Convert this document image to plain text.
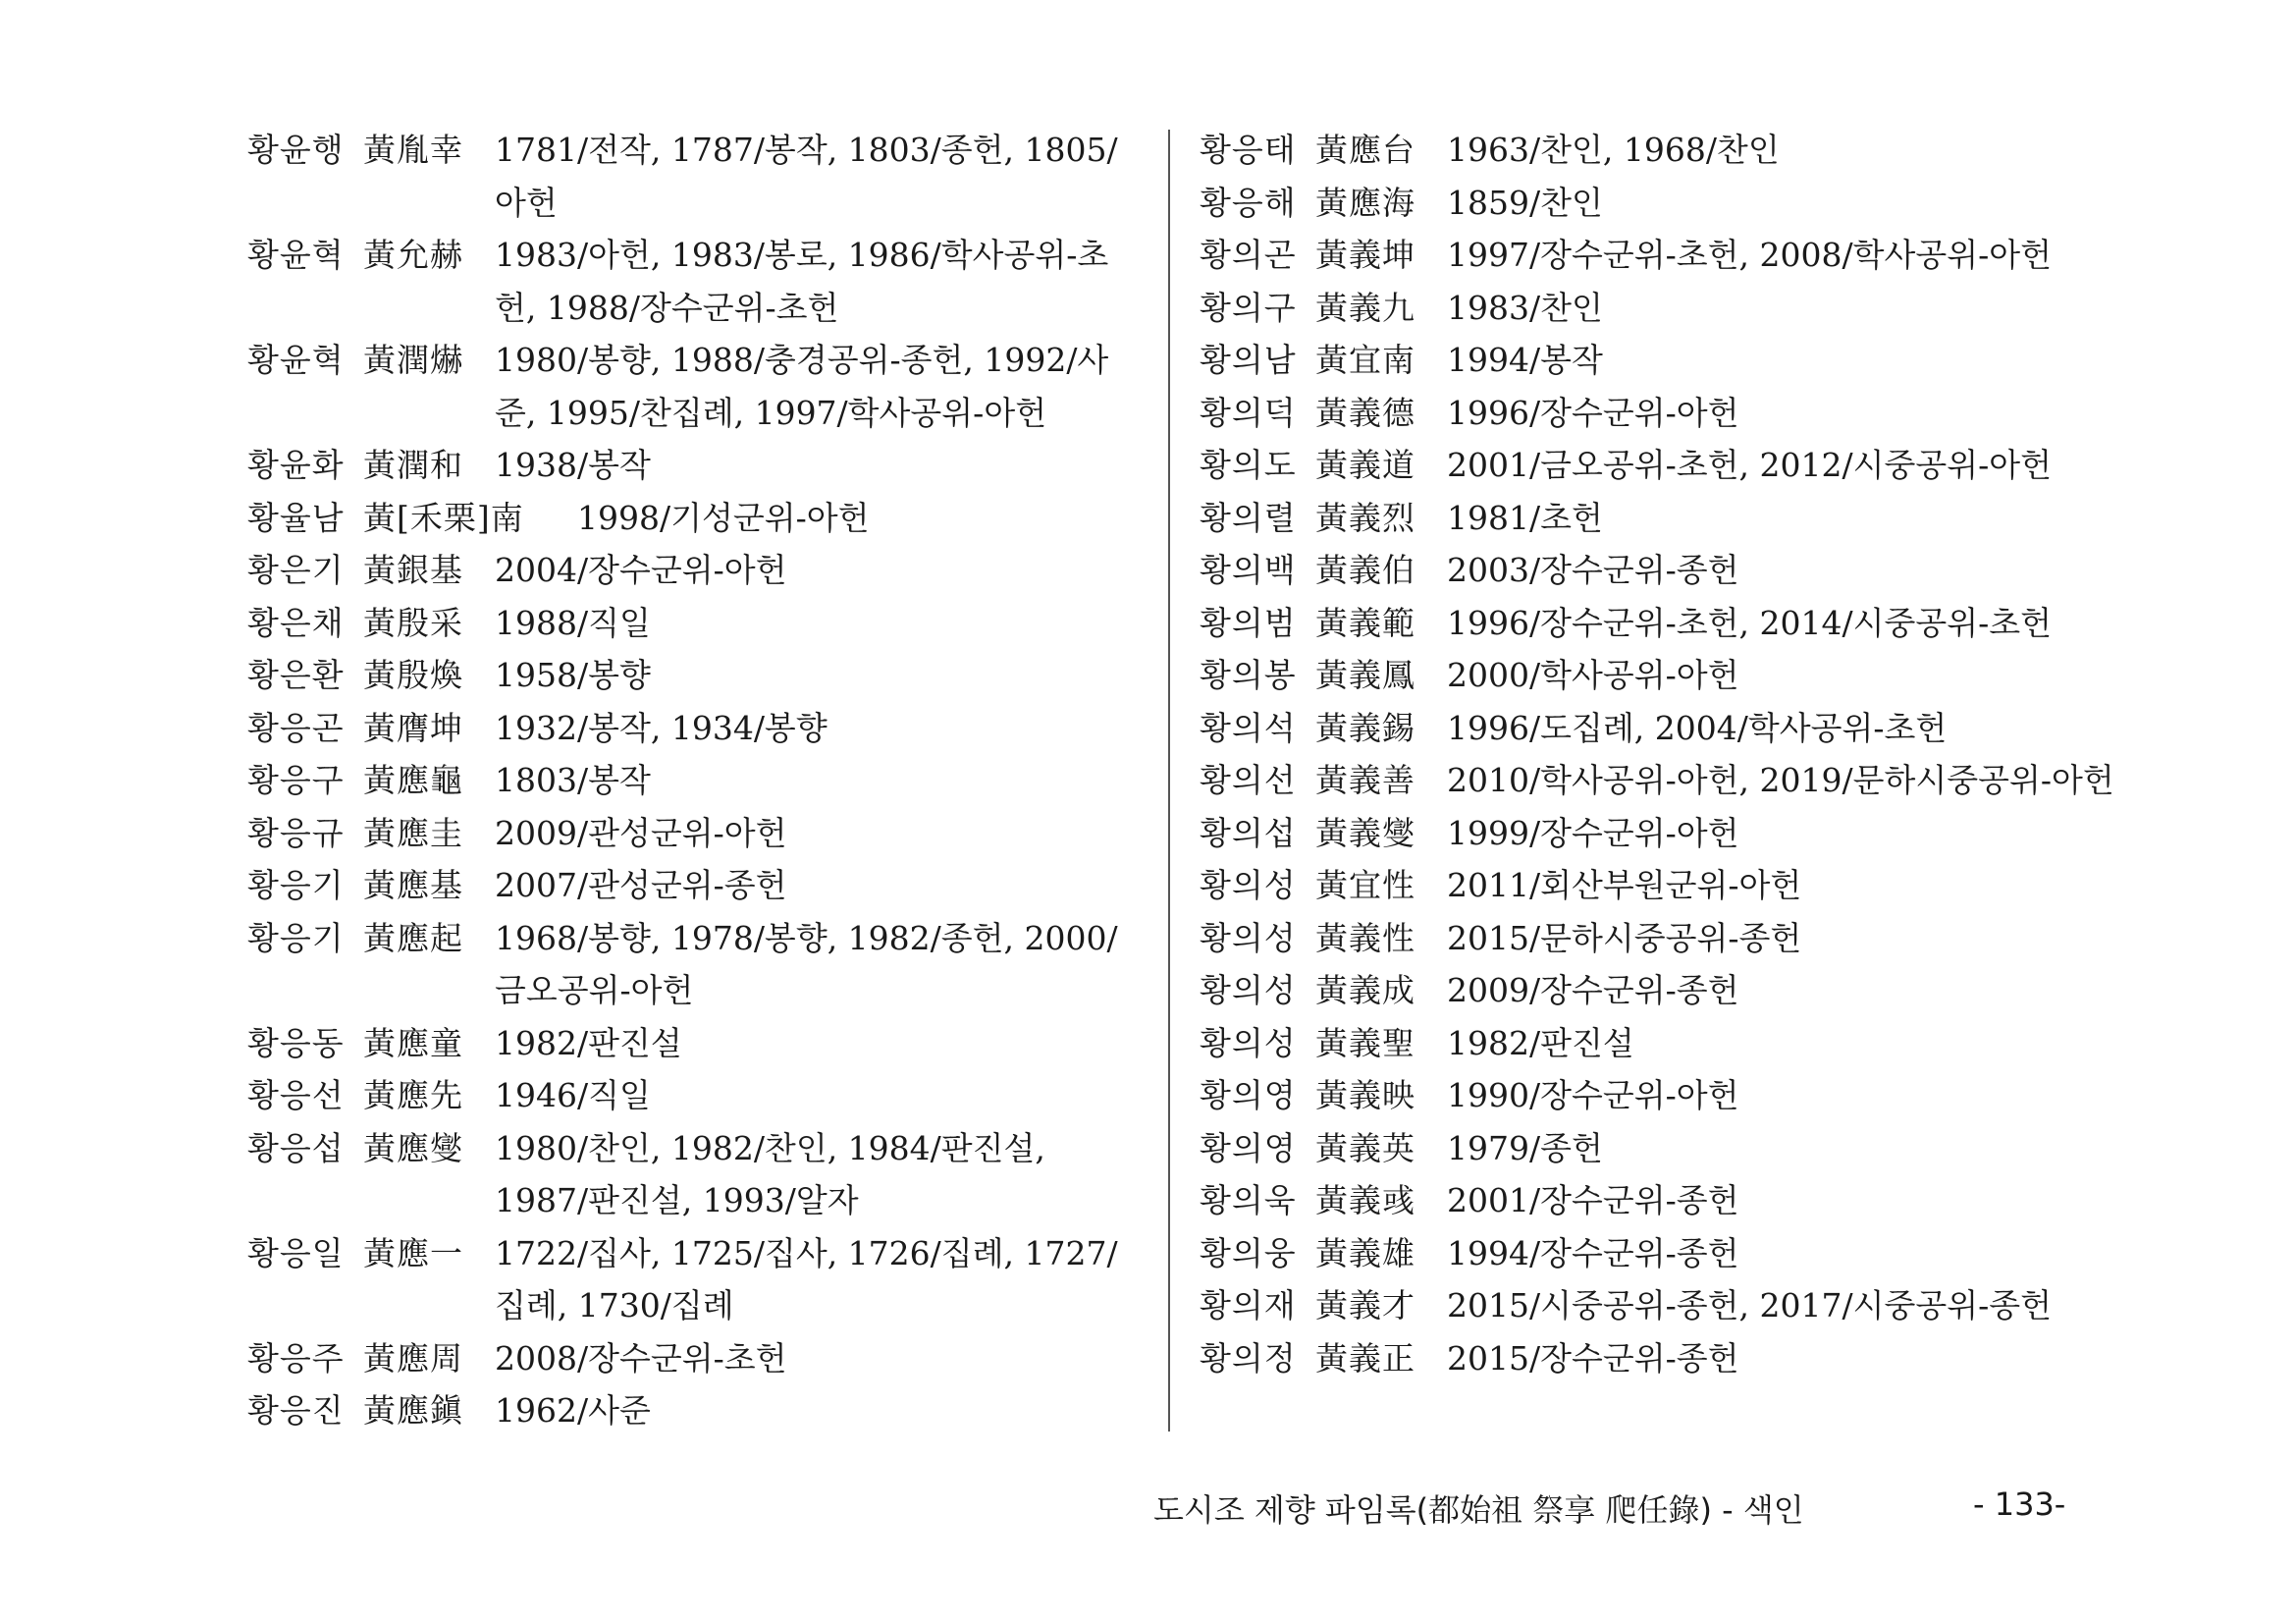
황윤행 黃胤幸 1781/전작, 1787/봉작, 1803/종헌, 1805/아헌
황윤혁 黃允赫 1983/아헌, 1983/봉로, 1986/학사공위-초헌, 1988/장수군위-초헌
황윤혁 黃潤爀 1980/봉향, 1988/충경공위-종헌, 1992/사준, 1995/찬집례, 1997/학사공위-아헌
황윤화 黃潤和 1938/봉작
황율남 黃[禾栗]南	1998/기성군위-아헌
황은기 黃銀基 2004/장수군위-아헌
황은채 黃殷采 1988/직일
황은환 黃殷煥 1958/봉향
황응곤 黃膺坤 1932/봉작, 1934/봉향
황응구 黃應龜 1803/봉작
황응규 黃應圭 2009/관성군위-아헌
황응기 黃應基 2007/관성군위-종헌
황응기 黃應起 1968/봉향, 1978/봉향, 1982/종헌, 2000/금오공위-아헌
황응동 黃應童 1982/판진설
황응선 黃應先 1946/직일
황응섭 黃應燮 1980/찬인, 1982/찬인, 1984/판진설, 1987/판진설, 1993/알자
황응일 黃應一 1722/집사, 1725/집사, 1726/집례, 1727/집례, 1730/집례
황응주 黃應周 2008/장수군위-초헌
황응진 黃應鎭 1962/사준
황응태 黃應台 1963/찬인, 1968/찬인
황응해 黃應海 1859/찬인
황의곤 黃義坤 1997/장수군위-초헌, 2008/학사공위-아헌
황의구 黃義九 1983/찬인
황의남 黃宜南 1994/봉작
황의덕 黃義德 1996/장수군위-아헌
황의도 黃義道 2001/금오공위-초헌, 2012/시중공위-아헌
황의렬 黃義烈 1981/초헌
황의백 黃義伯 2003/장수군위-종헌
황의범 黃義範 1996/장수군위-초헌, 2014/시중공위-초헌
황의봉 黃義鳳 2000/학사공위-아헌
황의석 黃義錫 1996/도집례, 2004/학사공위-초헌
황의선 黃義善 2010/학사공위-아헌, 2019/문하시중공위-아헌
황의섭 黃義燮 1999/장수군위-아헌
황의성 黃宜性 2011/회산부원군위-아헌
황의성 黃義性 2015/문하시중공위-종헌
황의성 黃義成 2009/장수군위-종헌
황의성 黃義聖 1982/판진설
황의영 黃義映 1990/장수군위-아헌
황의영 黃義英 1979/종헌
황의욱 黃義彧 2001/장수군위-종헌
황의웅 黃義雄 1994/장수군위-종헌
황의재 黃義才 2015/시중공위-종헌, 2017/시중공위-종헌
황의정 黃義正 2015/장수군위-종헌
도시조 제향 파임록(都始祖 祭享 爬任錄) - 색인	- 133-
